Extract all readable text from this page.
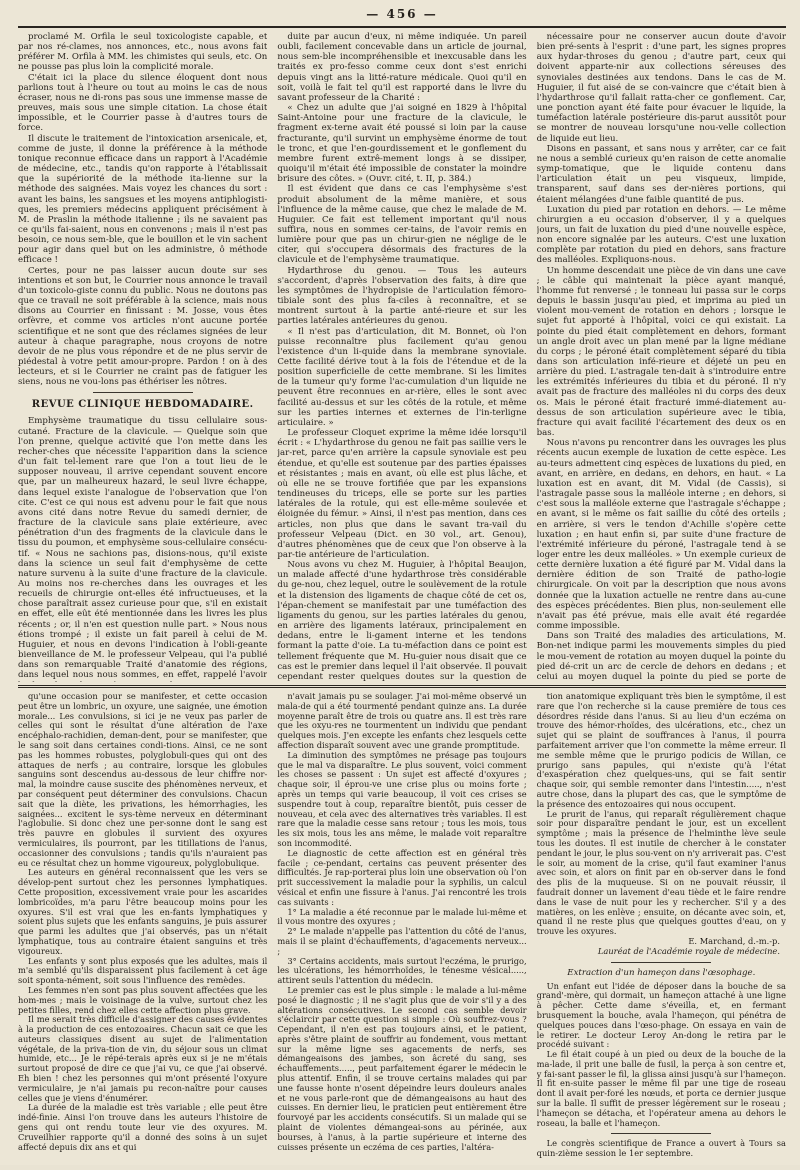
— 456 —

proclamé M. Orfila le seul toxicologiste capable, et par nos ré-clames, nos annonces, etc., nous avons fait préférer M. Orfila à MM. les chimistes qui seuls, etc. On ne pousse pas plus loin la complicité morale.

C'était ici la place du silence éloquent dont nous parlions tout à l'heure ou tout au moins le cas de nous écraser, nous ne di-rons pas sous une immense masse de preuves, mais sous une simple citation. La chose était impossible, et le Courrier passe à d'autres tours de force.

Il discute le traitement de l'intoxication arsenicale, et, comme de juste, il donne la préférence à la méthode tonique reconnue efficace dans un rapport à l'Académie de médecine, etc., tandis qu'on rapporte à l'établissait que la supériorité de la méthode ita-lienne sur la méthode des saignées. Mais voyez les chances du sort : avant les bains, les sangsues et les moyens antiphlogisti-ques, les premiers médecins appliquent précisément à M. de Praslin la méthode italienne ; ils ne savaient pas ce qu'ils fai-saient, nous en convenons ; mais il n'est pas besoin, ce nous sem-ble, que le bouillon et le vin sachent pour agir dans quel but on les administre, ô méthode efficace !

Certes, pour ne pas laisser aucun doute sur ses intentions et son but, le Courrier nous annonce le travail d'un toxicolo-giste connu du public. Nous ne doutons pas que ce travail ne soit préférable à la science, mais nous disons au Courrier en finissant : M. Josse, vous êtes orfèvre, et comme vos articles n'ont aucune portée scientifique et ne sont que des réclames signées de leur auteur à chaque paragraphe, nous croyons de notre devoir de ne plus vous répondre et de ne plus servir de piédestal à votre petit amour-propre. Pardon ! on à des lecteurs, et si le Courrier ne craint pas de fatiguer les siens, nous ne vou-lons pas éthériser les nôtres.

REVUE CLINIQUE HEBDOMADAIRE.

Emphysème traumatique du tissu cellulaire sous-cutané. Fracture de la clavicule. — Quelque soin que l'on prenne, quelque activité que l'on mette dans les recher-ches que nécessite l'apparition dans la science d'un fait tel-lement rare que l'on a tout lieu de le supposer nouveau, il arrive cependant souvent encore que, par un malheureux hazard, le seul livre échappe, dans lequel existe l'analogue de l'observation que l'on cite. C'est ce qui nous est advenu pour le fait que nous avons cité dans notre Revue du samedi dernier, de fracture de la clavicule sans plaie extérieure, avec pénétration d'un des fragments de la clavicule dans le tissu du poumon, et emphysème sous-cellulaire consécu-tif. « Nous ne sachions pas, disions-nous, qu'il existe dans la science un seul fait d'emphysème de cette nature survenu à la suite d'une fracture de la clavicule. Au moins nos re-cherches dans les ouvrages et les recueils de chirurgie ont-elles été infructueuses, et la chose paraîtrait assez curieuse pour que, s'il en existait en effet, elle eût été mentionnée dans les livres les plus récents ; or, il n'en est question nulle part. » Nous nous étions trompé ; il existe un fait pareil à celui de M. Huguier, et nous en devons l'indication à l'obli-geante bienveillance de M. le professeur Velpeau, qui l'a publié dans son remarquable Traité d'anatomie des régions, dans lequel nous nous sommes, en effet, rappelé l'avoir

duite par aucun d'eux, ni même indiquée. Un pareil oubli, facilement concevable dans un article de journal, nous sem-ble incompréhensible et inexcusable dans les traités ex pro-fesso comme ceux dont s'est enrichi depuis vingt ans la litté-rature médicale. Quoi qu'il en soit, voilà le fait tel qu'il est rapporté dans le livre du savant professeur de la Charité :

« Chez un adulte que j'ai soigné en 1829 à l'hôpital Saint-Antoine pour une fracture de la clavicule, le fragment ex-terne avait été poussé si loin par la cause fracturante, qu'il survint un emphysème énorme de tout le tronc, et que l'en-gourdissement et le gonflement du membre furent extrê-mement longs à se dissiper, quoiqu'il m'était été impossible de constater la moindre brisure des côtes. » (Ouvr. cité, t. II, p. 384.)

Il est évident que dans ce cas l'emphysème s'est produit absolument de la même manière, et sous l'influence de la même cause, que chez le malade de M. Huguier. Ce fait est tellement important qu'il nous suffira, nous en sommes cer-tains, de l'avoir remis en lumière pour que pas un chirur-gien ne néglige de le citer, qui s'occupera désormais des fractures de la clavicule et de l'emphysème traumatique.

Hydarthrose du genou. — Tous les auteurs s'accordent, d'après l'observation des faits, à dire que les symptômes de l'hydropisie de l'articulation fémoro-tibiale sont des plus fa-ciles à reconnaître, et se montrent surtout à la partie anté-rieure et sur les parties latérales antérieures du genou.

« Il n'est pas d'articulation, dit M. Bonnet, où l'on puisse reconnaître plus facilement qu'au genou l'existence d'un li-quide dans la membrane synoviale. Cette facilité dérive tout à la fois de l'étendue et de la position superficielle de cette membrane. Si les limites de la tumeur qu'y forme l'ac-cumulation d'un liquide ne peuvent être reconnues en ar-rière, elles le sont avec facilité au-dessus et sur les côtés de la rotule, et même sur les parties internes et externes de l'in-terligne articulaire. »

Le professeur Cloquet exprime la même idée lorsqu'il écrit : « L'hydarthrose du genou ne fait pas saillie vers le jar-ret, parce qu'en arrière la capsule synoviale est peu étendue, et qu'elle est soutenue par des parties épaisses et résistantes ; mais en avant, où elle est plus lâche, et où elle ne se trouve fortifiée que par les expansions tendineuses du triceps, elle se porte sur les parties latérales de la rotule, qui est elle-même soulevée et éloignée du fémur. » Ainsi, il n'est pas mention, dans ces articles, non plus que dans le savant tra-vail du professeur Velpeau (Dict. en 30 vol., art. Genou), d'autres phénomènes que de ceux que l'on observe à la par-tie antérieure de l'articulation.

Nous avons vu chez M. Huguier, à l'hôpital Beaujon, un malade affecté d'une hydarthrose très considérable du ge-nou, chez lequel, outre le soulèvement de la rotule et la distension des ligaments de chaque côté de cet os, l'épan-chement se manifestait par une tuméfaction des ligaments du genou, sur les parties latérales du genou, en arrière des ligaments latéraux, principalement en dedans, entre le li-gament interne et les tendons formant la patte d'oie. La tu-méfaction dans ce point est tellement fréquente que M. Hu-guier nous disait que ce cas est le premier dans lequel il l'ait observée. Il pouvait cependant rester quelques doutes sur la question de

nécessaire pour ne conserver aucun doute d'avoir bien pré-sents à l'esprit : d'une part, les signes propres aux hydar-throses du genou ; d'autre part, ceux qui doivent apparte-nir aux collections séreuses des synoviales destinées aux tendons. Dans le cas de M. Huguier, il fut aisé de se con-vaincre que c'était bien à l'hydarthrose qu'il fallait ratta-cher ce gonflement. Car, une ponction ayant été faite pour évacuer le liquide, la tuméfaction latérale postérieure dis-parut aussitôt pour se montrer de nouveau lorsqu'une nou-velle collection de liquide eut lieu.

Disons en passant, et sans nous y arrêter, car ce fait ne nous a semblé curieux qu'en raison de cette anomalie symp-tomatique, que le liquide contenu dans l'articulation était un peu visqueux, limpide, transparent, sauf dans ses der-nières portions, qui étaient mélangées d'une faible quantité de pus.

Luxation du pied par rotation en dehors. — Le même chirurgien a eu occasion d'observer, il y a quelques jours, un fait de luxation du pied d'une nouvelle espèce, non encore signalée par les auteurs. C'est une luxation complète par rotation du pied en dehors, sans fracture des malléoles. Expliquons-nous.

Un homme descendait une pièce de vin dans une cave ; le câble qui maintenait la pièce ayant manqué, l'homme fut renversé ; le tonneau lui passa sur le corps depuis le bassin jusqu'au pied, et imprima au pied un violent mou-vement de rotation en dehors ; lorsque le sujet fut apporté à l'hôpital, voici ce qui existait. La pointe du pied était complètement en dehors, formant un angle droit avec un plan mené par la ligne médiane du corps ; le péroné était complètement séparé du tibia dans son articulation infé-rieure et déjeté un peu en arrière du pied. L'astragale ten-dait à s'introduire entre les extrémités inférieures du tibia et du péroné. Il n'y avait pas de fracture des malléoles ni du corps des deux os. Mais le péroné était fracturé immé-diatement au-dessus de son articulation supérieure avec le tibia, fracture qui avait facilité l'écartement des deux os en bas.

Nous n'avons pu rencontrer dans les ouvrages les plus récents aucun exemple de luxation de cette espèce. Les au-teurs admettent cinq espèces de luxations du pied, en avant, en arrière, en dedans, en dehors, en haut. « La luxation est en avant, dit M. Vidal (de Cassis), si l'astragale passe sous la malléole interne ; en dehors, si c'est sous la malléole externe que l'astragale s'échappe ; en avant, si le même os fait saillie du côté des orteils ; en arrière, si vers le tendon d'Achille s'opère cette luxation ; en haut enfin si, par suite d'une fracture de l'extrémité inférieure du péroné, l'astragale tend à se loger entre les deux malléoles. » Un exemple curieux de cette dernière luxation a été figuré par M. Vidal dans la dernière édition de son Traité de patho-logie chirurgicale. On voit par la description que nous avons donnée que la luxation actuelle ne rentre dans au-cune des espèces précédentes. Bien plus, non-seulement elle n'avait pas été prévue, mais elle avait été regardée comme impossible.

Dans son Traité des maladies des articulations, M. Bon-net indique parmi les mouvements simples du pied le mou-vement de rotation au moyen duquel la pointe du pied dé-crit un arc de cercle de dehors en dedans ; et celui au moyen duquel la pointe du pied se porte de

qu'une occasion pour se manifester, et cette occasion peut être un lombric, un oxyure, une saignée, une émotion morale... Les convulsions, si ici je ne veux pas parler de celles qui sont le résultat d'une altération de l'axe encéphalo-rachidien, deman-dent, pour se manifester, que le sang soit dans certaines condi-tions. Ainsi, ce ne sont pas les hommes robustes, polyglobuli-ques qui ont des attaques de nerfs ; au contraire, lorsque les globules sanguins sont descendus au-dessous de leur chiffre nor-mal, la moindre cause suscite des phénomènes nerveux, et par conséquent peut déterminer des convulsions. Chacun sait que la diète, les privations, les hémorrhagies, les saignées... excitent le sys-tème nerveux en déterminant l'aglobulie. Si donc chez une per-sonne dont le sang est très pauvre en globules il survient des oxyures vermiculaires, ils pourront, par les titillations de l'anus, occasionner des convulsions ; tandis qu'ils n'auraient pas eu ce résultat chez un homme vigoureux, polyglobulique.

Les auteurs en général reconnaissent que les vers se dévelop-pent surtout chez les personnes lymphatiques. Cette proposition, excessivement vraie pour les ascarides lombricoïdes, m'a paru l'être beaucoup moins pour les oxyures. S'il est vrai que les en-fants lymphatiques y soient plus sujets que les enfants sanguins, je puis assurer que parmi les adultes que j'ai observés, pas un n'était lymphatique, tous au contraire étaient sanguins et très vigoureux.

Les enfants y sont plus exposés que les adultes, mais il m'a semblé qu'ils disparaissent plus facilement à cet âge soit sponta-nément, soit sous l'influence des remèdes.

Les femmes n'en sont pas plus souvent affectées que les hom-mes ; mais le voisinage de la vulve, surtout chez les petites filles, rend chez elles cette affection plus grave.

Il me serait très difficile d'assigner des causes évidentes à la production de ces entozoaires. Chacun sait ce que les auteurs classiques disent au sujet de l'alimentation végétale, de la priva-tion de vin, du séjour sous un climat humide, etc... Je le répé-terais après eux si je ne m'étais surtout proposé de dire ce que j'ai vu, ce que j'ai observé. Eh bien ! chez les personnes qui m'ont présenté l'oxyure vermiculaire, je n'ai jamais pu recon-naître pour causes celles que je viens d'énumérer.

La durée de la maladie est très variable ; elle peut être indé-finie. Ainsi l'on trouve dans les auteurs l'histoire de gens qui ont rendu toute leur vie des oxyures. M. Cruveilhier rapporte qu'il a donné des soins à un sujet affecté depuis dix ans et qui

n'avait jamais pu se soulager. J'ai moi-même observé un mala-de qui a été tourmenté pendant quinze ans. La durée moyenne paraît être de trois ou quatre ans. Il est très rare que les oxyu-res ne tourmentent un individu que pendant quelques mois. J'en excepte les enfants chez lesquels cette affection disparaît souvent avec une grande promptitude.

La diminution des symptômes ne présage pas toujours que le mal va disparaître. Le plus souvent, voici comment les choses se passent : Un sujet est affecté d'oxyures ; chaque soir, il éprou-ve une crise plus ou moins forte ; après un temps qui varie beaucoup, il voit ces crises se suspendre tout à coup, reparaître bientôt, puis cesser de nouveau, et cela avec des alternatives très variables. Il est rare que la maladie cesse sans retour ; tous les mois, tous les six mois, tous les ans même, le malade voit reparaître son incommodité.

Le diagnostic de cette affection est en général très facile ; ce-pendant, certains cas peuvent présenter des difficultés. Je rap-porterai plus loin une observation où l'on prit successivement la maladie pour la syphilis, un calcul vésical et enfin une fissure à l'anus. J'ai rencontré les trois cas suivants :

1° La maladie a été reconnue par le malade lui-même et il vous montre des oxyures ;

2° Le malade n'appelle pas l'attention du côté de l'anus, mais il se plaint d'échauffements, d'agacements nerveux... ;

3° Certains accidents, mais surtout l'eczéma, le prurigo, les ulcérations, les hémorrhoïdes, le ténesme vésical....., attirent seuls l'attention du médecin.

Le premier cas est le plus simple : le malade a lui-même posé le diagnostic ; il ne s'agit plus que de voir s'il y a des altérations consécutives. Le second cas semble devoir s'éclaircir par cette question si simple : Où souffrez-vous ? Cependant, il n'en est pas toujours ainsi, et le patient, après s'être plaint de souffrir au fondement, vous mettant sur la même ligne ses agacements de nerfs, ses démangeaisons des jambes, son âcreté du sang, ses échauffements....., peut parfaitement égarer le médecin le plus attentif. Enfin, il se trouve certains malades qui par une fausse honte n'osent dépeindre leurs douleurs anales et ne vous parle-ront que de démangeaisons au haut des cuisses. En dernier lieu, le praticien peut entièrement être fourvoyé par les accidents consécutifs. Si un malade qui se plaint de violentes démangeai-sons au périnée, aux bourses, à l'anus, à la partie supérieure et interne des cuisses présente un eczéma de ces parties, l'altéra-

tion anatomique expliquant très bien le symptôme, il est rare que l'on recherche si la cause première de tous ces désordres réside dans l'anus. Si au lieu d'un eczéma on trouve des hémor-rhoïdes, des ulcérations, etc., chez un sujet qui se plaint de souffrances à l'anus, il pourra parfaitement arriver que l'on commette la même erreur. Il me semble même que le prurigo podicis de Willan, ce prurigo sans papules, qui n'existe qu'à l'état d'exaspération chez quelques-uns, qui se fait sentir chaque soir, qui semble remonter dans l'intestin....., n'est autre chose, dans la plupart des cas, que le symptôme de la présence des entozoaires qui nous occupent.

Le prurit de l'anus, qui reparaît régulièrement chaque soir pour disparaître pendant le jour, est un excellent symptôme ; mais la présence de l'helminthe lève seule tous les doutes. Il est inutile de chercher à le constater pendant le jour, le plus sou-vent on n'y arriverait pas. C'est le soir, au moment de la crise, qu'il faut examiner l'anus avec soin, et alors on finit par en ob-server dans le fond des plis de la muqueuse. Si on ne pouvait réussir, il faudrait donner un lavement d'eau tiède et le faire rendre dans le vase de nuit pour les y rechercher. S'il y a des matières, on les enlève ; ensuite, on décante avec soin, et, quand il ne reste plus que quelques gouttes d'eau, on y trouve les oxyures.

E. Marchand, d.-m.-p.
Lauréat de l'Académie royale de médecine.
Extraction d'un hameçon dans l'œsophage.

Un enfant eut l'idée de déposer dans la bouche de sa grand'-mère, qui dormait, un hameçon attaché à une ligne à pêcher. Cette dame s'éveilla, et, en fermant brusquement la bouche, avala l'hameçon, qui pénétra de quelques pouces dans l'œso-phage. On essaya en vain de le retirer. Le docteur Leroy An-dong le retira par le procédé suivant :

Le fil était coupé à un pied ou deux de la bouche de la ma-lade, il prit une balle de fusil, la perça à son centre et, y fai-sant passer le fil, la glissa ainsi jusqu'à sur l'hameçon. Il fit en-suite passer le même fil par une tige de roseau dont il avait per-foré les nœuds, et porta ce dernier jusque sur la balle. Il suffit de presser légèrement sur le roseau ; l'hameçon se détacha, et l'opérateur amena au dehors le roseau, la balle et l'hameçon.

Le congrès scientifique de France a ouvert à Tours sa quin-zième session le 1er septembre.
